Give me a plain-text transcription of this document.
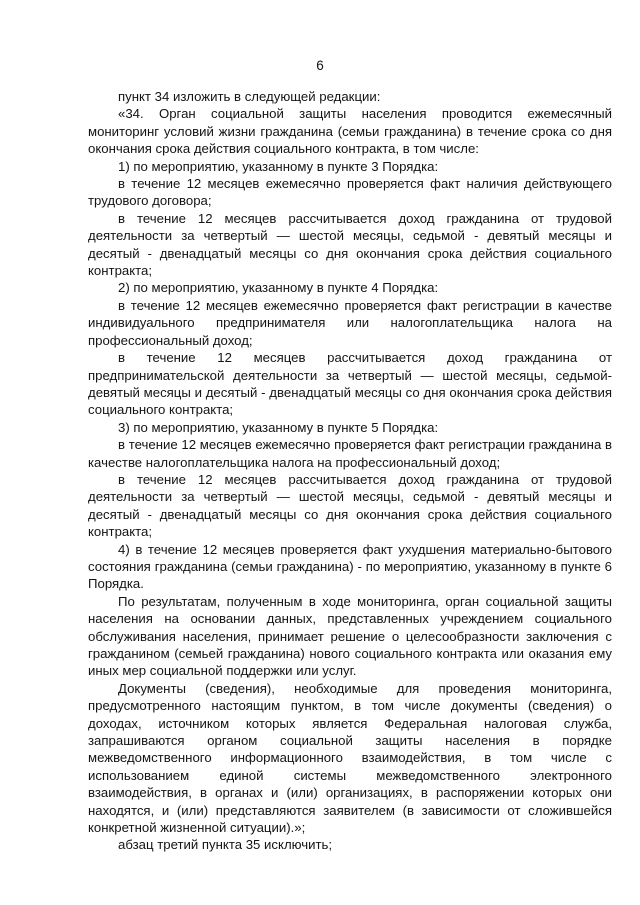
6

пункт 34 изложить в следующей редакции:

«34. Орган социальной защиты населения проводится ежемесячный мониторинг условий жизни гражданина (семьи гражданина) в течение срока со дня окончания срока действия социального контракта, в том числе:

1) по мероприятию, указанному в пункте 3 Порядка:

в течение 12 месяцев ежемесячно проверяется факт наличия действующего трудового договора;

в течение 12 месяцев рассчитывается доход гражданина от трудовой деятельности за четвертый — шестой месяцы, седьмой - девятый месяцы и десятый - двенадцатый месяцы со дня окончания срока действия социального контракта;

2) по мероприятию, указанному в пункте 4 Порядка:

в течение 12 месяцев ежемесячно проверяется факт регистрации в качестве индивидуального предпринимателя или налогоплательщика налога на профессиональный доход;

в течение 12 месяцев рассчитывается доход гражданина от предпринимательской деятельности за четвертый — шестой месяцы, седьмой-девятый месяцы и десятый - двенадцатый месяцы со дня окончания срока действия социального контракта;

3) по мероприятию, указанному в пункте 5 Порядка:

в течение 12 месяцев ежемесячно проверяется факт регистрации гражданина в качестве налогоплательщика налога на профессиональный доход;

в течение 12 месяцев рассчитывается доход гражданина от трудовой деятельности за четвертый — шестой месяцы, седьмой - девятый месяцы и десятый - двенадцатый месяцы со дня окончания срока действия социального контракта;

4) в течение 12 месяцев проверяется факт ухудшения материально-бытового состояния гражданина (семьи гражданина) - по мероприятию, указанному в пункте 6 Порядка.

По результатам, полученным в ходе мониторинга, орган социальной защиты населения на основании данных, представленных учреждением социального обслуживания населения, принимает решение о целесообразности заключения с гражданином (семьей гражданина) нового социального контракта или оказания ему иных мер социальной поддержки или услуг.

Документы (сведения), необходимые для проведения мониторинга, предусмотренного настоящим пунктом, в том числе документы (сведения) о доходах, источником которых является Федеральная налоговая служба, запрашиваются органом социальной защиты населения в порядке межведомственного информационного взаимодействия, в том числе с использованием единой системы межведомственного электронного взаимодействия, в органах и (или) организациях, в распоряжении которых они находятся, и (или) представляются заявителем (в зависимости от сложившейся конкретной жизненной ситуации).»;

абзац третий пункта 35 исключить;
